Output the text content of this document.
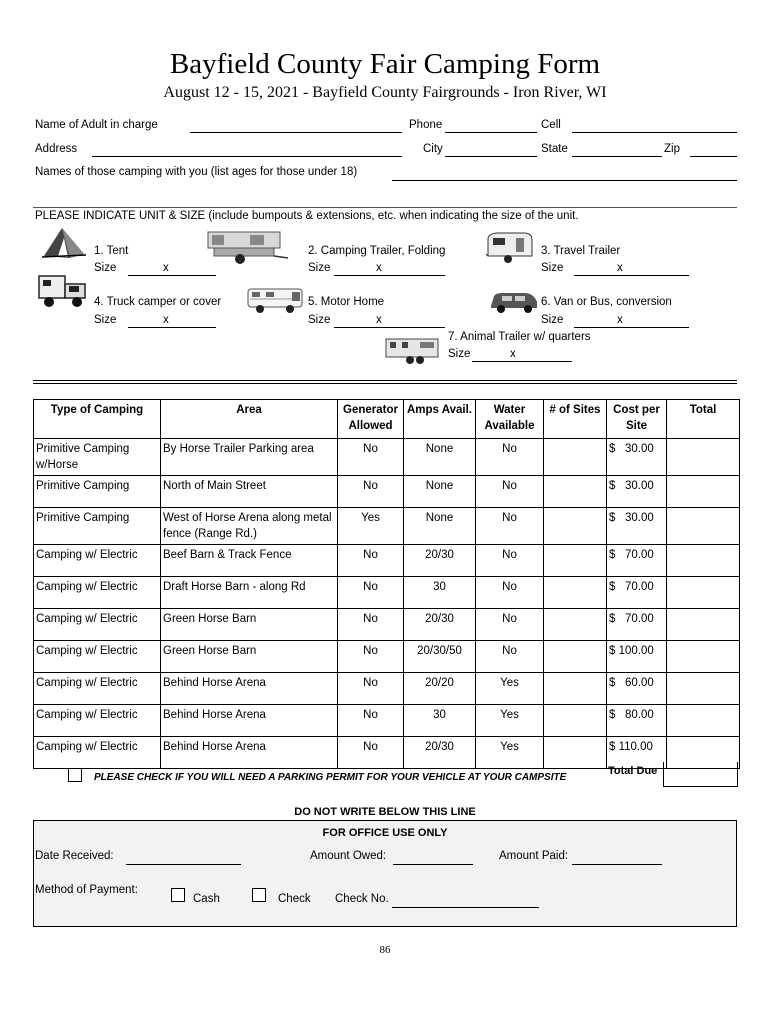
Bayfield County Fair Camping Form
August 12 - 15, 2021 - Bayfield County Fairgrounds - Iron River, WI
Name of Adult in charge	Phone	Cell
Address	City	State	Zip
Names of those camping with you (list ages for those under 18)
PLEASE INDICATE UNIT & SIZE (include bumpouts & extensions, etc. when indicating the size of the unit.
1. Tent
Size	x
2. Camping Trailer, Folding
Size	x
3. Travel Trailer
Size	x
4. Truck camper or cover
Size	x
5. Motor Home
Size	x
6. Van or Bus, conversion
Size	x
7. Animal Trailer w/ quarters
Size	x
Type of Camping	Area	Generator Allowed	Amps Avail.	Water Available	# of Sites	Cost per Site	Total
Primitive Camping w/Horse	By Horse Trailer Parking area	No	None	No		$   30.00	
Primitive Camping	North of Main Street	No	None	No		$   30.00	
Primitive Camping	West of Horse Arena along metal fence (Range Rd.)	Yes	None	No		$   30.00	
Camping w/ Electric	Beef Barn & Track Fence	No	20/30	No		$   70.00	
Camping w/ Electric	Draft Horse Barn - along Rd	No	30	No		$   70.00	
Camping w/ Electric	Green Horse Barn	No	20/30	No		$   70.00	
Camping w/ Electric	Green Horse Barn	No	20/30/50	No		$ 100.00	
Camping w/ Electric	Behind Horse Arena	No	20/20	Yes		$   60.00	
Camping w/ Electric	Behind Horse Arena	No	30	Yes		$   80.00	
Camping w/ Electric	Behind Horse Arena	No	20/30	Yes		$ 110.00	
Total Due
PLEASE CHECK IF YOU WILL NEED A PARKING PERMIT FOR YOUR VEHICLE AT YOUR CAMPSITE
DO NOT WRITE BELOW THIS LINE
FOR OFFICE USE ONLY
Date Received:	Amount Owed:	Amount Paid:
Method of Payment:
Cash	Check Check No.
86
